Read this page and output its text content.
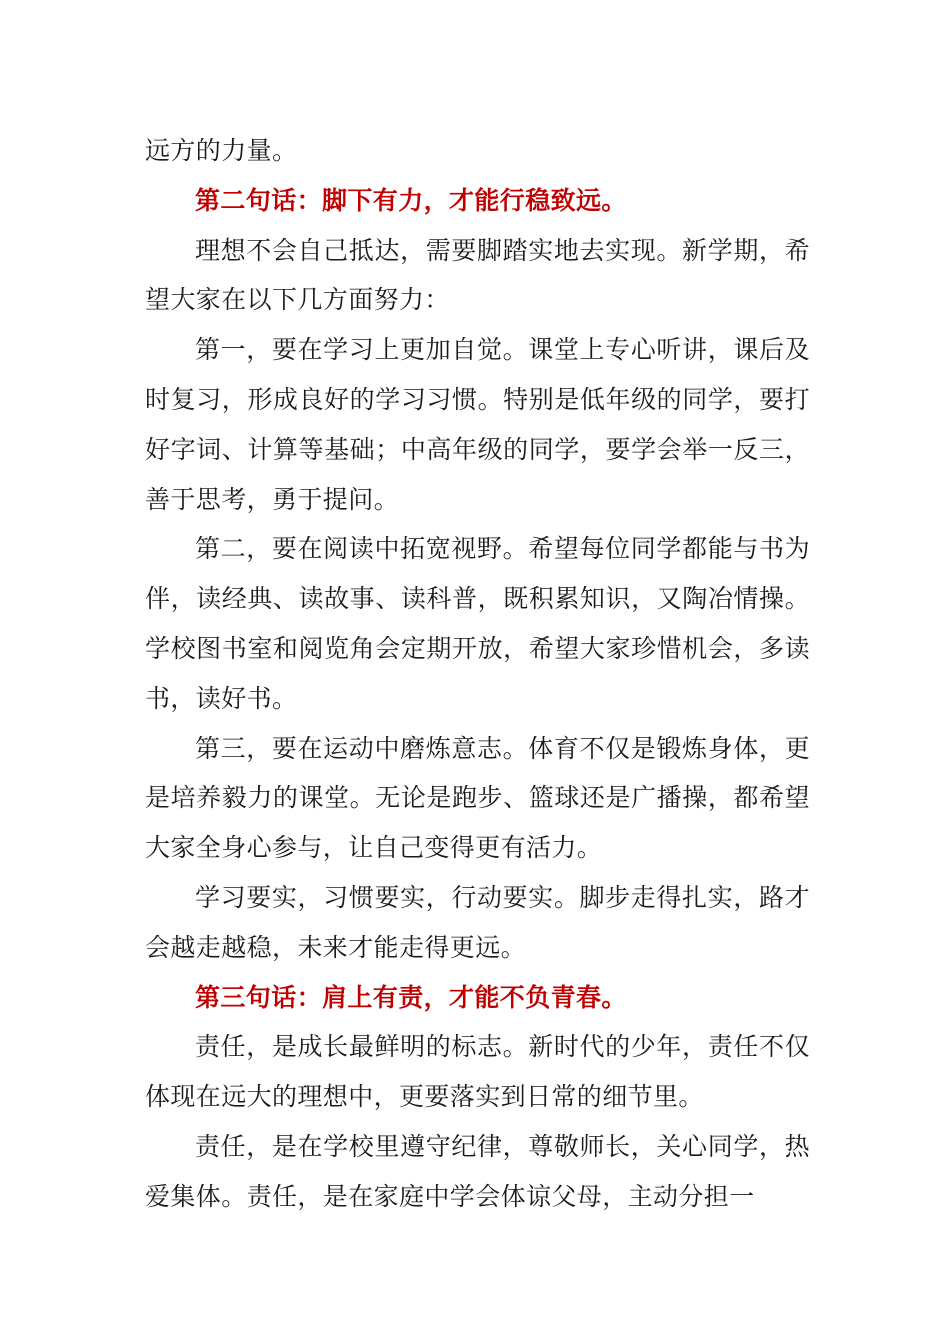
远方的力量。

第二句话：脚下有力，才能行稳致远。

理想不会自己抵达，需要脚踏实地去实现。新学期，希望大家在以下几方面努力：

第一，要在学习上更加自觉。课堂上专心听讲，课后及时复习，形成良好的学习习惯。特别是低年级的同学，要打好字词、计算等基础；中高年级的同学，要学会举一反三，善于思考，勇于提问。

第二，要在阅读中拓宽视野。希望每位同学都能与书为伴，读经典、读故事、读科普，既积累知识，又陶冶情操。学校图书室和阅览角会定期开放，希望大家珍惜机会，多读书，读好书。

第三，要在运动中磨炼意志。体育不仅是锻炼身体，更是培养毅力的课堂。无论是跑步、篮球还是广播操，都希望大家全身心参与，让自己变得更有活力。

学习要实，习惯要实，行动要实。脚步走得扎实，路才会越走越稳，未来才能走得更远。

第三句话：肩上有责，才能不负青春。

责任，是成长最鲜明的标志。新时代的少年，责任不仅体现在远大的理想中，更要落实到日常的细节里。

责任，是在学校里遵守纪律，尊敬师长，关心同学，热爱集体。责任，是在家庭中学会体谅父母，主动分担一
